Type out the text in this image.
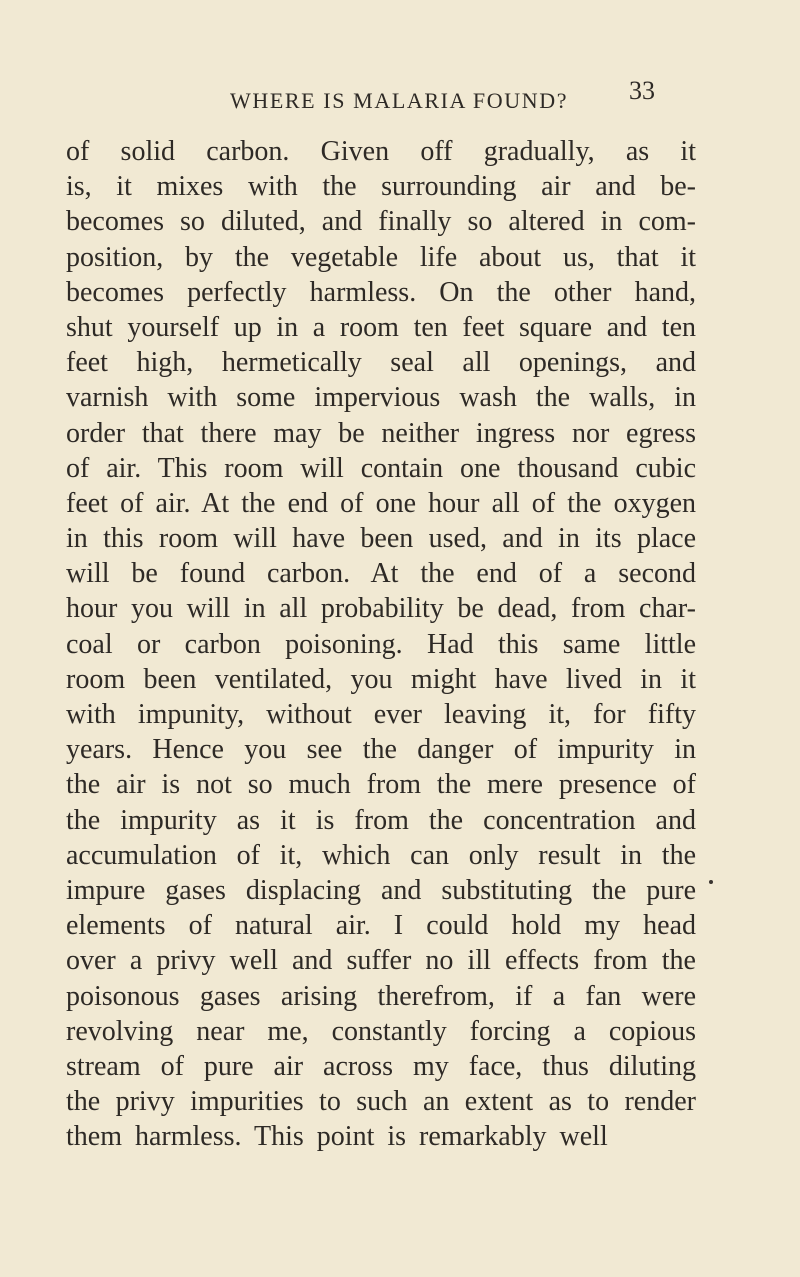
WHERE IS MALARIA FOUND? 33
of solid carbon. Given off gradually, as it
is, it mixes with the surrounding air and be-
becomes so diluted, and finally so altered in com-
position, by the vegetable life about us, that it
becomes perfectly harmless. On the other hand,
shut yourself up in a room ten feet square and ten
feet high, hermetically seal all openings, and
varnish with some impervious wash the walls, in
order that there may be neither ingress nor egress
of air. This room will contain one thousand cubic
feet of air. At the end of one hour all of the oxygen
in this room will have been used, and in its place
will be found carbon. At the end of a second
hour you will in all probability be dead, from char-
coal or carbon poisoning. Had this same little
room been ventilated, you might have lived in it
with impunity, without ever leaving it, for fifty
years. Hence you see the danger of impurity in
the air is not so much from the mere presence of
the impurity as it is from the concentration and
accumulation of it, which can only result in the
impure gases displacing and substituting the pure
elements of natural air. I could hold my head
over a privy well and suffer no ill effects from the
poisonous gases arising therefrom, if a fan were
revolving near me, constantly forcing a copious
stream of pure air across my face, thus diluting
the privy impurities to such an extent as to render
them harmless. This point is remarkably well
